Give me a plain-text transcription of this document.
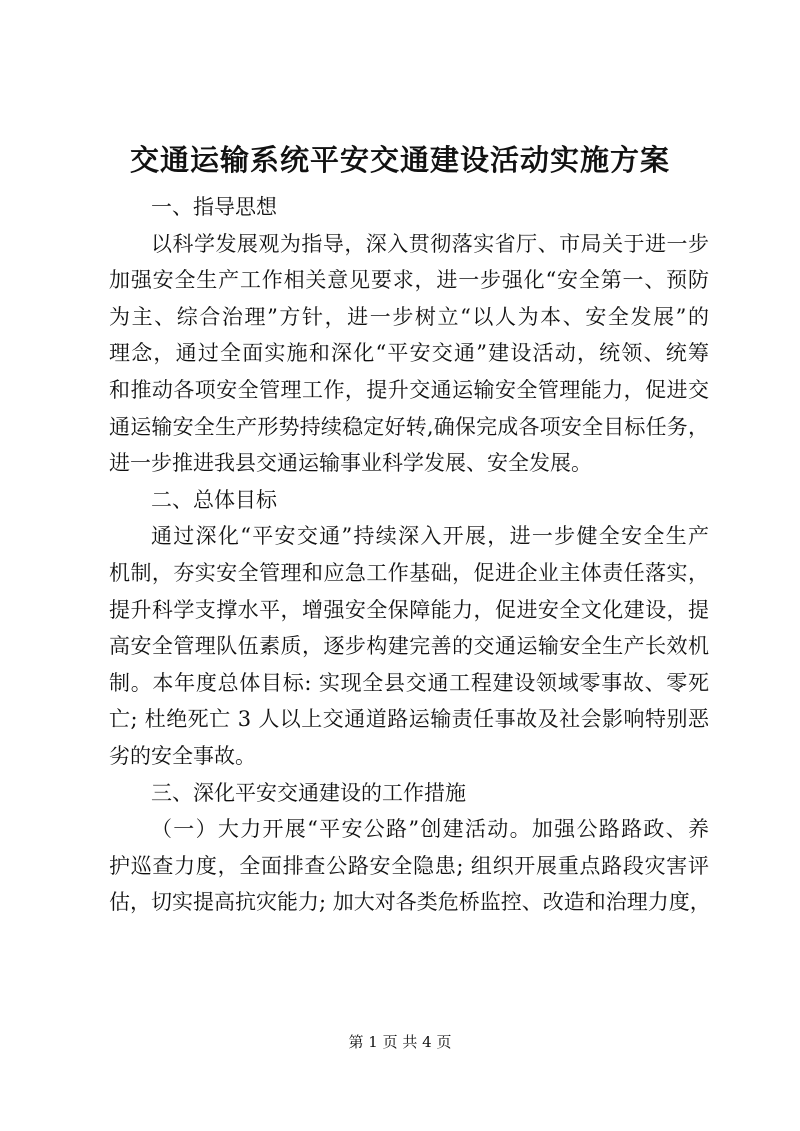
交通运输系统平安交通建设活动实施方案
一、指导思想
以科学发展观为指导，深入贯彻落实省厅、市局关于进一步
加强安全生产工作相关意见要求，进一步强化“安全第一、预防
为主、综合治理”方针，进一步树立“以人为本、安全发展”的
理念，通过全面实施和深化“平安交通”建设活动，统领、统筹
和推动各项安全管理工作，提升交通运输安全管理能力，促进交
通运输安全生产形势持续稳定好转,确保完成各项安全目标任务，
进一步推进我县交通运输事业科学发展、安全发展。
二、总体目标
通过深化“平安交通”持续深入开展，进一步健全安全生产
机制，夯实安全管理和应急工作基础，促进企业主体责任落实，
提升科学支撑水平，增强安全保障能力，促进安全文化建设，提
高安全管理队伍素质，逐步构建完善的交通运输安全生产长效机
制。本年度总体目标: 实现全县交通工程建设领域零事故、零死
亡; 杜绝死亡 3 人以上交通道路运输责任事故及社会影响特别恶
劣的安全事故。
三、深化平安交通建设的工作措施
（一）大力开展“平安公路”创建活动。加强公路路政、养
护巡查力度，全面排查公路安全隐患; 组织开展重点路段灾害评
估，切实提高抗灾能力; 加大对各类危桥监控、改造和治理力度，
第 1 页 共 4 页
